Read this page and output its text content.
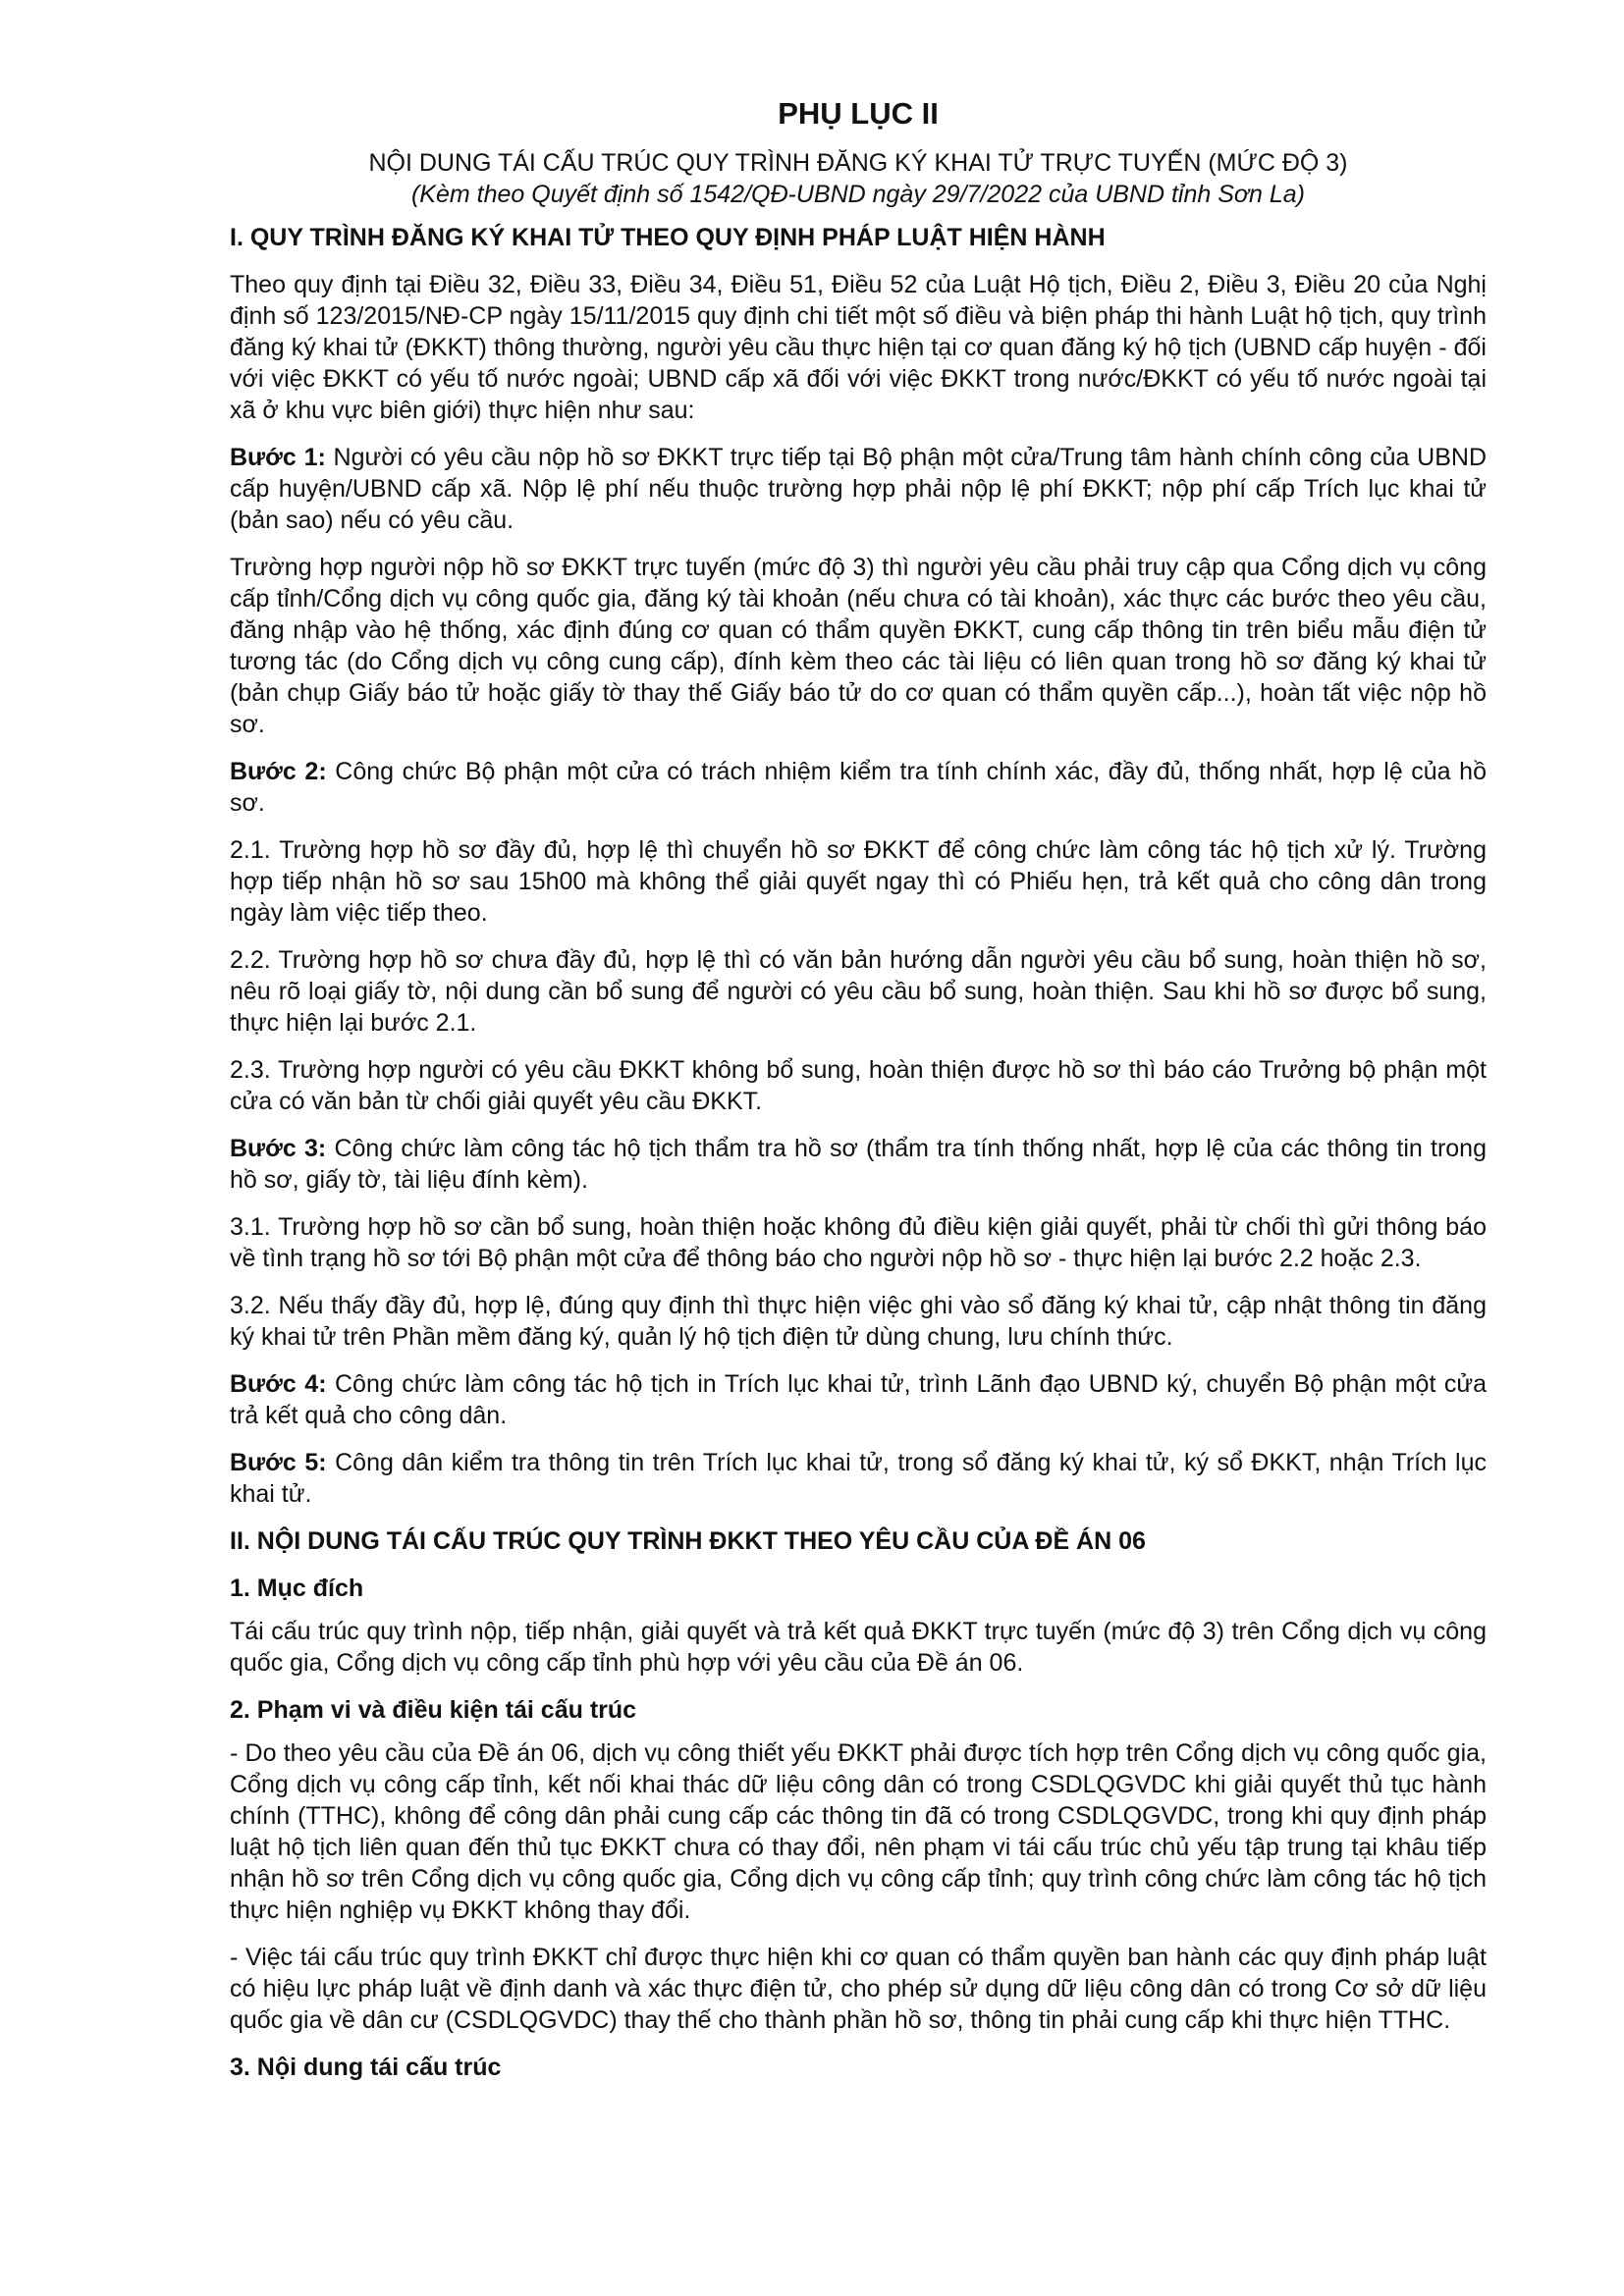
PHỤ LỤC II
NỘI DUNG TÁI CẤU TRÚC QUY TRÌNH ĐĂNG KÝ KHAI TỬ TRỰC TUYẾN (MỨC ĐỘ 3)
(Kèm theo Quyết định số 1542/QĐ-UBND ngày 29/7/2022 của UBND tỉnh Sơn La)
I. QUY TRÌNH ĐĂNG KÝ KHAI TỬ THEO QUY ĐỊNH PHÁP LUẬT HIỆN HÀNH

Theo quy định tại Điều 32, Điều 33, Điều 34, Điều 51, Điều 52 của Luật Hộ tịch, Điều 2, Điều 3, Điều 20 của Nghị định số 123/2015/NĐ-CP ngày 15/11/2015 quy định chi tiết một số điều và biện pháp thi hành Luật hộ tịch, quy trình đăng ký khai tử (ĐKKT) thông thường, người yêu cầu thực hiện tại cơ quan đăng ký hộ tịch (UBND cấp huyện - đối với việc ĐKKT có yếu tố nước ngoài; UBND cấp xã đối với việc ĐKKT trong nước/ĐKKT có yếu tố nước ngoài tại xã ở khu vực biên giới) thực hiện như sau:

Bước 1: Người có yêu cầu nộp hồ sơ ĐKKT trực tiếp tại Bộ phận một cửa/Trung tâm hành chính công của UBND cấp huyện/UBND cấp xã. Nộp lệ phí nếu thuộc trường hợp phải nộp lệ phí ĐKKT; nộp phí cấp Trích lục khai tử (bản sao) nếu có yêu cầu.

Trường hợp người nộp hồ sơ ĐKKT trực tuyến (mức độ 3) thì người yêu cầu phải truy cập qua Cổng dịch vụ công cấp tỉnh/Cổng dịch vụ công quốc gia, đăng ký tài khoản (nếu chưa có tài khoản), xác thực các bước theo yêu cầu, đăng nhập vào hệ thống, xác định đúng cơ quan có thẩm quyền ĐKKT, cung cấp thông tin trên biểu mẫu điện tử tương tác (do Cổng dịch vụ công cung cấp), đính kèm theo các tài liệu có liên quan trong hồ sơ đăng ký khai tử (bản chụp Giấy báo tử hoặc giấy tờ thay thế Giấy báo tử do cơ quan có thẩm quyền cấp...), hoàn tất việc nộp hồ sơ.

Bước 2: Công chức Bộ phận một cửa có trách nhiệm kiểm tra tính chính xác, đầy đủ, thống nhất, hợp lệ của hồ sơ.

2.1. Trường hợp hồ sơ đầy đủ, hợp lệ thì chuyển hồ sơ ĐKKT để công chức làm công tác hộ tịch xử lý. Trường hợp tiếp nhận hồ sơ sau 15h00 mà không thể giải quyết ngay thì có Phiếu hẹn, trả kết quả cho công dân trong ngày làm việc tiếp theo.

2.2. Trường hợp hồ sơ chưa đầy đủ, hợp lệ thì có văn bản hướng dẫn người yêu cầu bổ sung, hoàn thiện hồ sơ, nêu rõ loại giấy tờ, nội dung cần bổ sung để người có yêu cầu bổ sung, hoàn thiện. Sau khi hồ sơ được bổ sung, thực hiện lại bước 2.1.

2.3. Trường hợp người có yêu cầu ĐKKT không bổ sung, hoàn thiện được hồ sơ thì báo cáo Trưởng bộ phận một cửa có văn bản từ chối giải quyết yêu cầu ĐKKT.

Bước 3: Công chức làm công tác hộ tịch thẩm tra hồ sơ (thẩm tra tính thống nhất, hợp lệ của các thông tin trong hồ sơ, giấy tờ, tài liệu đính kèm).

3.1. Trường hợp hồ sơ cần bổ sung, hoàn thiện hoặc không đủ điều kiện giải quyết, phải từ chối thì gửi thông báo về tình trạng hồ sơ tới Bộ phận một cửa để thông báo cho người nộp hồ sơ - thực hiện lại bước 2.2 hoặc 2.3.

3.2. Nếu thấy đầy đủ, hợp lệ, đúng quy định thì thực hiện việc ghi vào sổ đăng ký khai tử, cập nhật thông tin đăng ký khai tử trên Phần mềm đăng ký, quản lý hộ tịch điện tử dùng chung, lưu chính thức.

Bước 4: Công chức làm công tác hộ tịch in Trích lục khai tử, trình Lãnh đạo UBND ký, chuyển Bộ phận một cửa trả kết quả cho công dân.

Bước 5: Công dân kiểm tra thông tin trên Trích lục khai tử, trong sổ đăng ký khai tử, ký sổ ĐKKT, nhận Trích lục khai tử.

II. NỘI DUNG TÁI CẤU TRÚC QUY TRÌNH ĐKKT THEO YÊU CẦU CỦA ĐỀ ÁN 06
1. Mục đích

Tái cấu trúc quy trình nộp, tiếp nhận, giải quyết và trả kết quả ĐKKT trực tuyến (mức độ 3) trên Cổng dịch vụ công quốc gia, Cổng dịch vụ công cấp tỉnh phù hợp với yêu cầu của Đề án 06.

2. Phạm vi và điều kiện tái cấu trúc

- Do theo yêu cầu của Đề án 06, dịch vụ công thiết yếu ĐKKT phải được tích hợp trên Cổng dịch vụ công quốc gia, Cổng dịch vụ công cấp tỉnh, kết nối khai thác dữ liệu công dân có trong CSDLQGVDC khi giải quyết thủ tục hành chính (TTHC), không để công dân phải cung cấp các thông tin đã có trong CSDLQGVDC, trong khi quy định pháp luật hộ tịch liên quan đến thủ tục ĐKKT chưa có thay đổi, nên phạm vi tái cấu trúc chủ yếu tập trung tại khâu tiếp nhận hồ sơ trên Cổng dịch vụ công quốc gia, Cổng dịch vụ công cấp tỉnh; quy trình công chức làm công tác hộ tịch thực hiện nghiệp vụ ĐKKT không thay đổi.

- Việc tái cấu trúc quy trình ĐKKT chỉ được thực hiện khi cơ quan có thẩm quyền ban hành các quy định pháp luật có hiệu lực pháp luật về định danh và xác thực điện tử, cho phép sử dụng dữ liệu công dân có trong Cơ sở dữ liệu quốc gia về dân cư (CSDLQGVDC) thay thế cho thành phần hồ sơ, thông tin phải cung cấp khi thực hiện TTHC.

3. Nội dung tái cấu trúc
